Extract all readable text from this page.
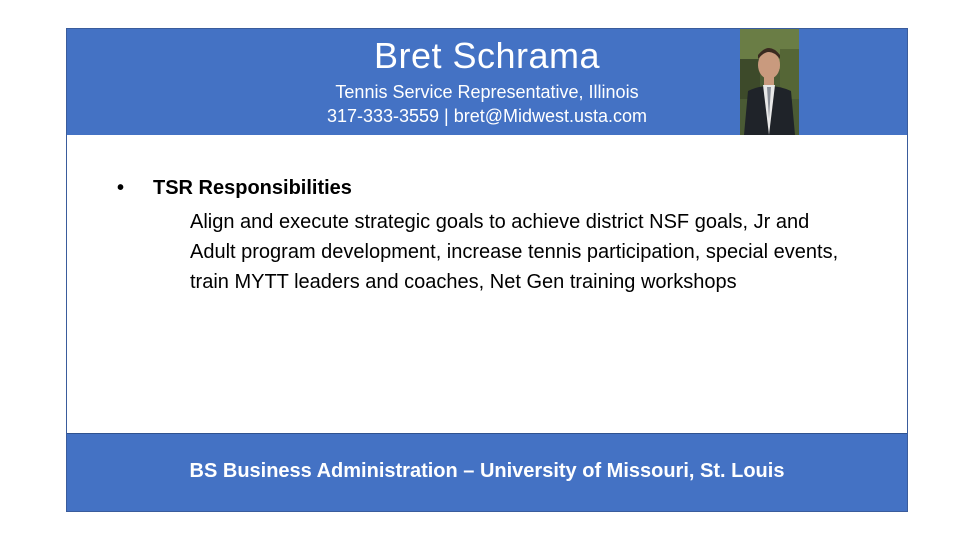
Bret Schrama
Tennis Service Representative, Illinois
317-333-3559 | bret@Midwest.usta.com
• TSR Responsibilities
Align and execute strategic goals to achieve district NSF goals, Jr and Adult program development, increase tennis participation, special events, train MYTT leaders and coaches, Net Gen training workshops
BS Business Administration – University of Missouri, St. Louis
